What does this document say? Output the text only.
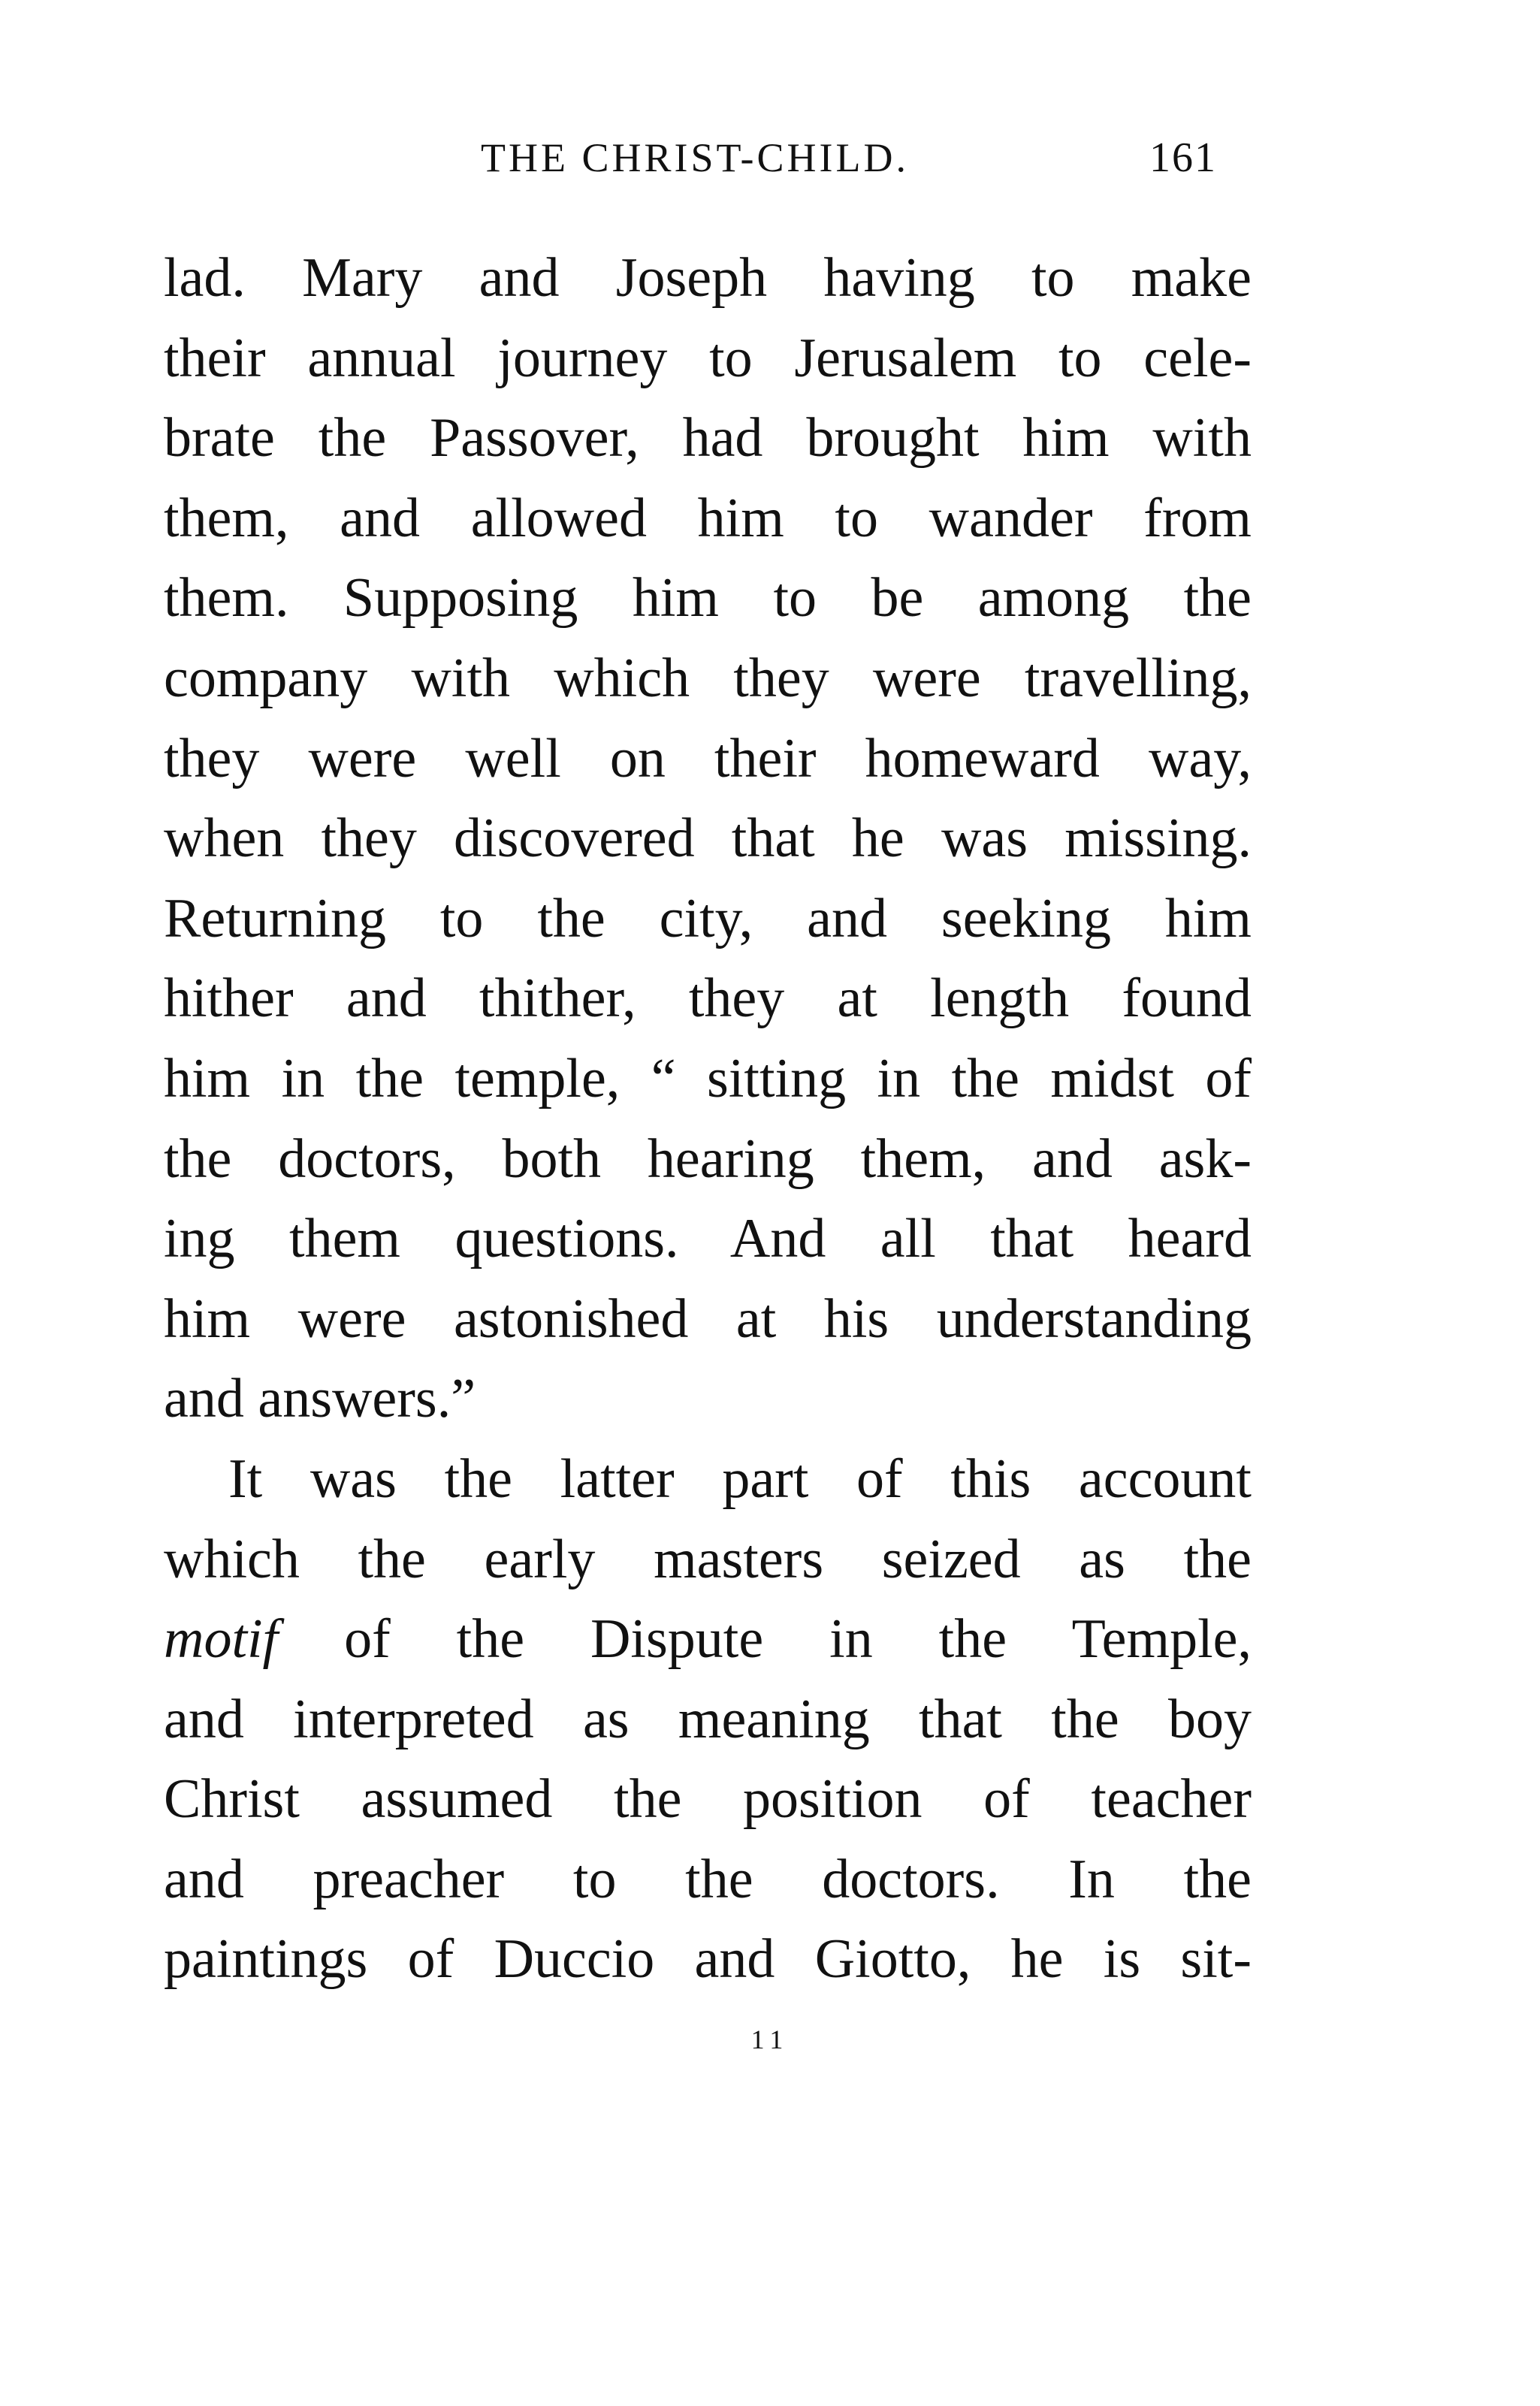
THE CHRIST-CHILD.	161
lad. Mary and Joseph having to make
their annual journey to Jerusalem to cele-
brate the Passover, had brought him with
them, and allowed him to wander from
them. Supposing him to be among the
company with which they were travelling,
they were well on their homeward way,
when they discovered that he was missing.
Returning to the city, and seeking him
hither and thither, they at length found
him in the temple, “ sitting in the midst of
the doctors, both hearing them, and ask-
ing them questions. And all that heard
him were astonished at his understanding
and answers.”
It was the latter part of this account
which the early masters seized as the
motif of the Dispute in the Temple,
and interpreted as meaning that the boy
Christ assumed the position of teacher
and preacher to the doctors. In the
paintings of Duccio and Giotto, he is sit-
11
